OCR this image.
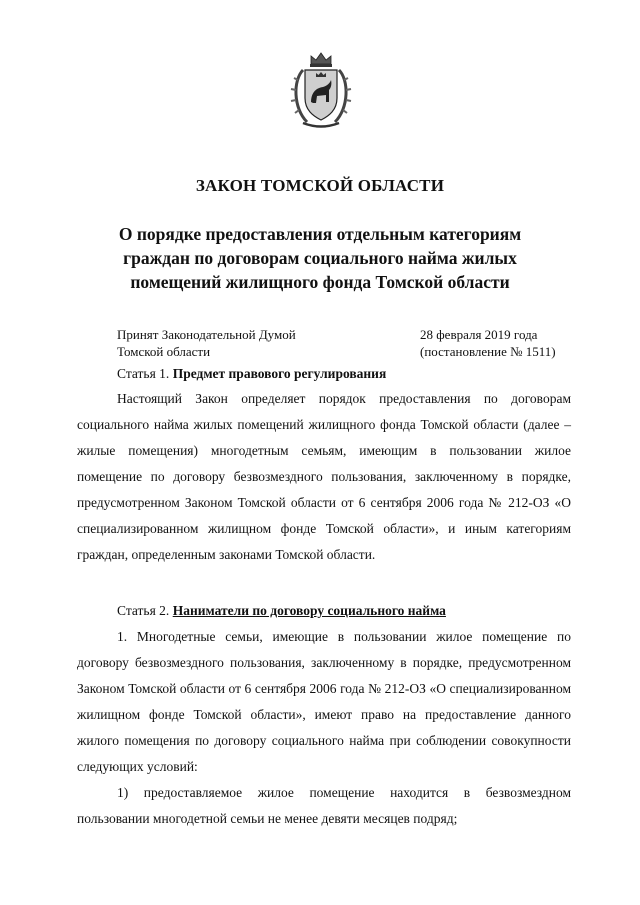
ЗАКОН ТОМСКОЙ ОБЛАСТИ
О порядке предоставления отдельным категориям граждан по договорам социального найма жилых помещений жилищного фонда Томской области
Принят Законодательной Думой
Томской области
28 февраля 2019 года
(постановление № 1511)
Статья 1. Предмет правового регулирования

Настоящий Закон определяет порядок предоставления по договорам социального найма жилых помещений жилищного фонда Томской области (далее – жилые помещения) многодетным семьям, имеющим в пользовании жилое помещение по договору безвозмездного пользования, заключенному в порядке, предусмотренном Законом Томской области от 6 сентября 2006 года № 212-ОЗ «О специализированном жилищном фонде Томской области», и иным категориям граждан, определенным законами Томской области.

Статья 2. Наниматели по договору социального найма

1. Многодетные семьи, имеющие в пользовании жилое помещение по договору безвозмездного пользования, заключенному в порядке, предусмотренном Законом Томской области от 6 сентября 2006 года № 212-ОЗ «О специализированном жилищном фонде Томской области», имеют право на предоставление данного жилого помещения по договору социального найма при соблюдении совокупности следующих условий:

1) предоставляемое жилое помещение находится в безвозмездном пользовании многодетной семьи не менее девяти месяцев подряд;
